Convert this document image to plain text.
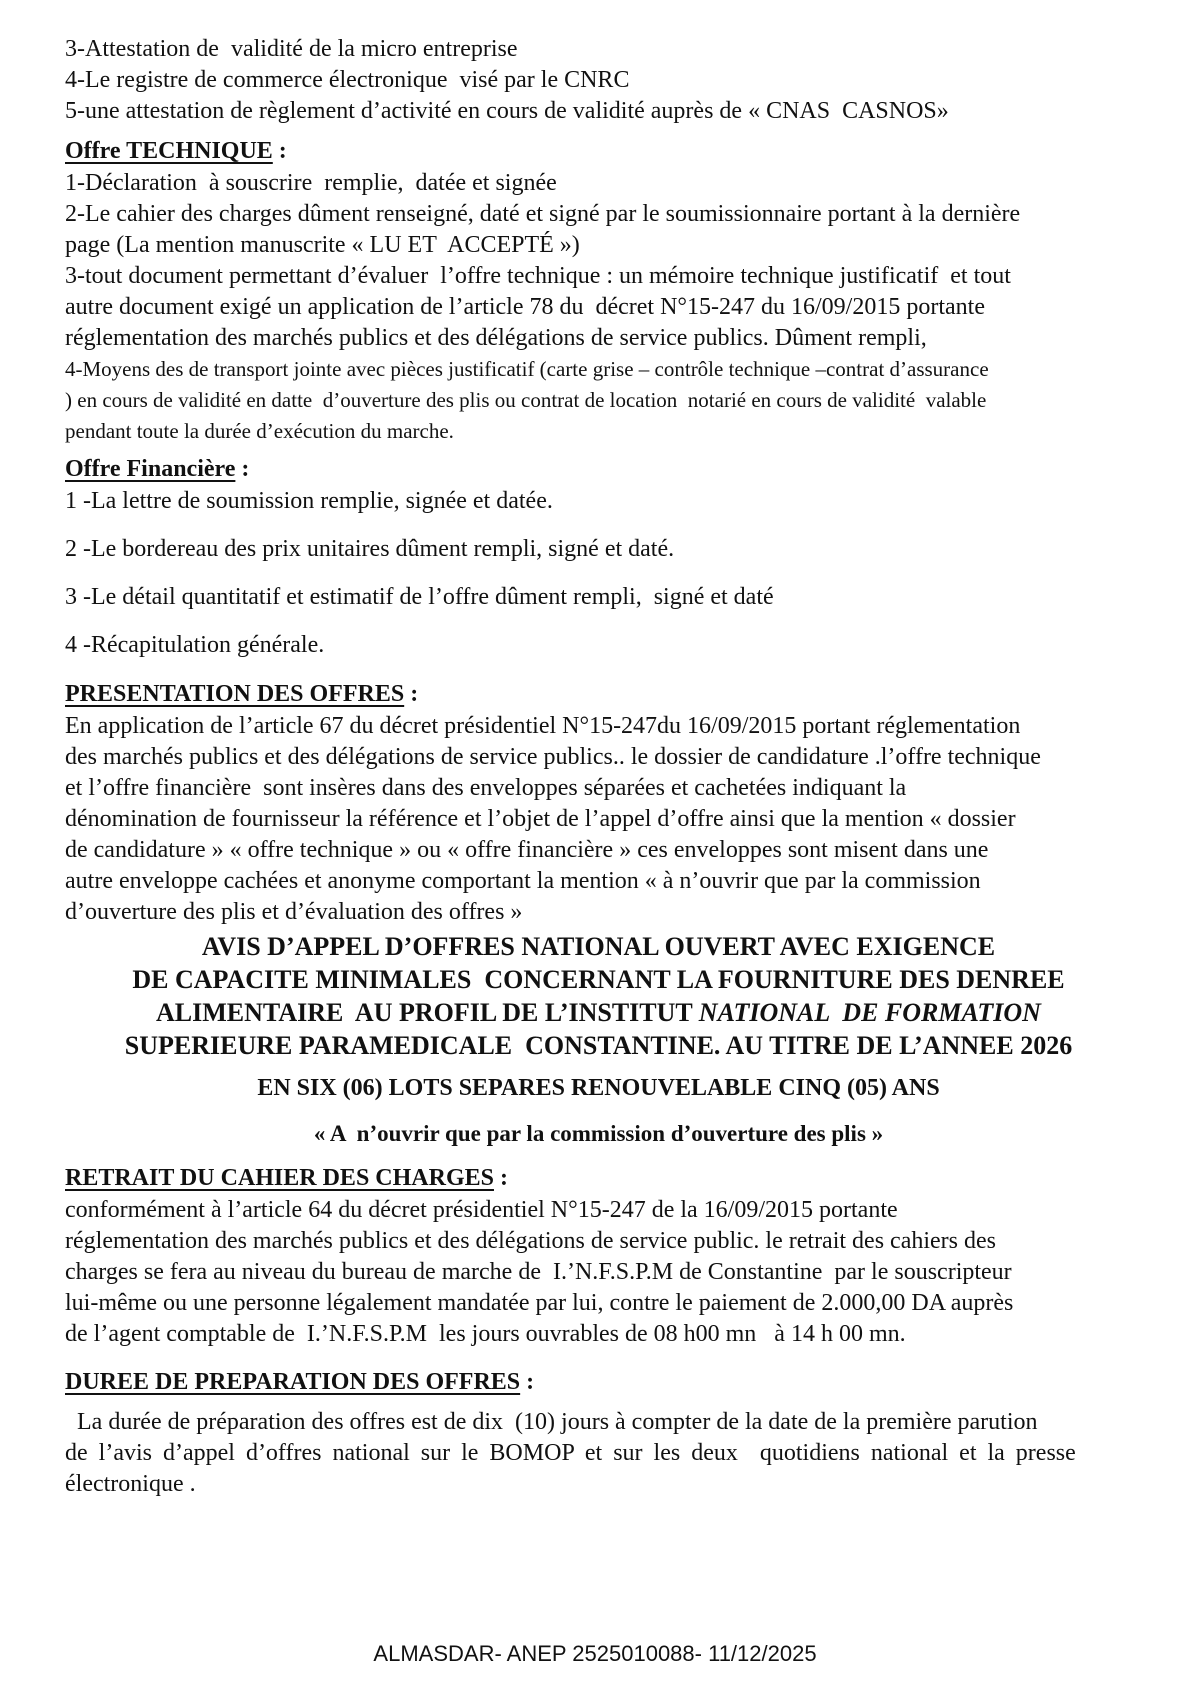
3-Attestation de  validité de la micro entreprise
4-Le registre de commerce électronique  visé par le CNRC
5-une attestation de règlement d’activité en cours de validité auprès de « CNAS  CASNOS»
Offre TECHNIQUE :
1-Déclaration  à souscrire  remplie,  datée et signée
2-Le cahier des charges dûment renseigné, daté et signé par le soumissionnaire portant à la dernière
page (La mention manuscrite « LU ET  ACCEPTÉ »)
3-tout document permettant d’évaluer  l’offre technique : un mémoire technique justificatif  et tout
autre document exigé un application de l’article 78 du  décret N°15-247 du 16/09/2015 portante
réglementation des marchés publics et des délégations de service publics. Dûment rempli,
4-Moyens des de transport jointe avec pièces justificatif (carte grise – contrôle technique –contrat d’assurance
) en cours de validité en datte  d’ouverture des plis ou contrat de location  notarié en cours de validité  valable
pendant toute la durée d’exécution du marche.
Offre Financière :
1 -La lettre de soumission remplie, signée et datée.
2 -Le bordereau des prix unitaires dûment rempli, signé et daté.
3 -Le détail quantitatif et estimatif de l’offre dûment rempli,  signé et daté
4 -Récapitulation générale.
PRESENTATION DES OFFRES :
En application de l’article 67 du décret présidentiel N°15-247du 16/09/2015 portant réglementation
des marchés publics et des délégations de service publics.. le dossier de candidature .l’offre technique
et l’offre financière  sont insères dans des enveloppes séparées et cachetées indiquant la
dénomination de fournisseur la référence et l’objet de l’appel d’offre ainsi que la mention « dossier
de candidature » « offre technique » ou « offre financière » ces enveloppes sont misent dans une
autre enveloppe cachées et anonyme comportant la mention « à n’ouvrir que par la commission
d’ouverture des plis et d’évaluation des offres »
AVIS D’APPEL D’OFFRES NATIONAL OUVERT AVEC EXIGENCE
DE CAPACITE MINIMALES  CONCERNANT LA FOURNITURE DES DENREE
ALIMENTAIRE  AU PROFIL DE L’INSTITUT NATIONAL  DE FORMATION
SUPERIEURE PARAMEDICALE  CONSTANTINE. AU TITRE DE L’ANNEE 2026
EN SIX (06) LOTS SEPARES RENOUVELABLE CINQ (05) ANS
« A  n’ouvrir que par la commission d’ouverture des plis »
RETRAIT DU CAHIER DES CHARGES :
conformément à l’article 64 du décret présidentiel N°15-247 de la 16/09/2015 portante
réglementation des marchés publics et des délégations de service public. le retrait des cahiers des
charges se fera au niveau du bureau de marche de  I.’N.F.S.P.M de Constantine  par le souscripteur
lui-même ou une personne légalement mandatée par lui, contre le paiement de 2.000,00 DA auprès
de l’agent comptable de  I.’N.F.S.P.M  les jours ouvrables de 08 h00 mn   à 14 h 00 mn.
DUREE DE PREPARATION DES OFFRES :
La durée de préparation des offres est de dix  (10) jours à compter de la date de la première parution
de l’avis d’appel d’offres national sur le BOMOP et sur les deux  quotidiens national et la presse
électronique .
ALMASDAR- ANEP 2525010088- 11/12/2025
